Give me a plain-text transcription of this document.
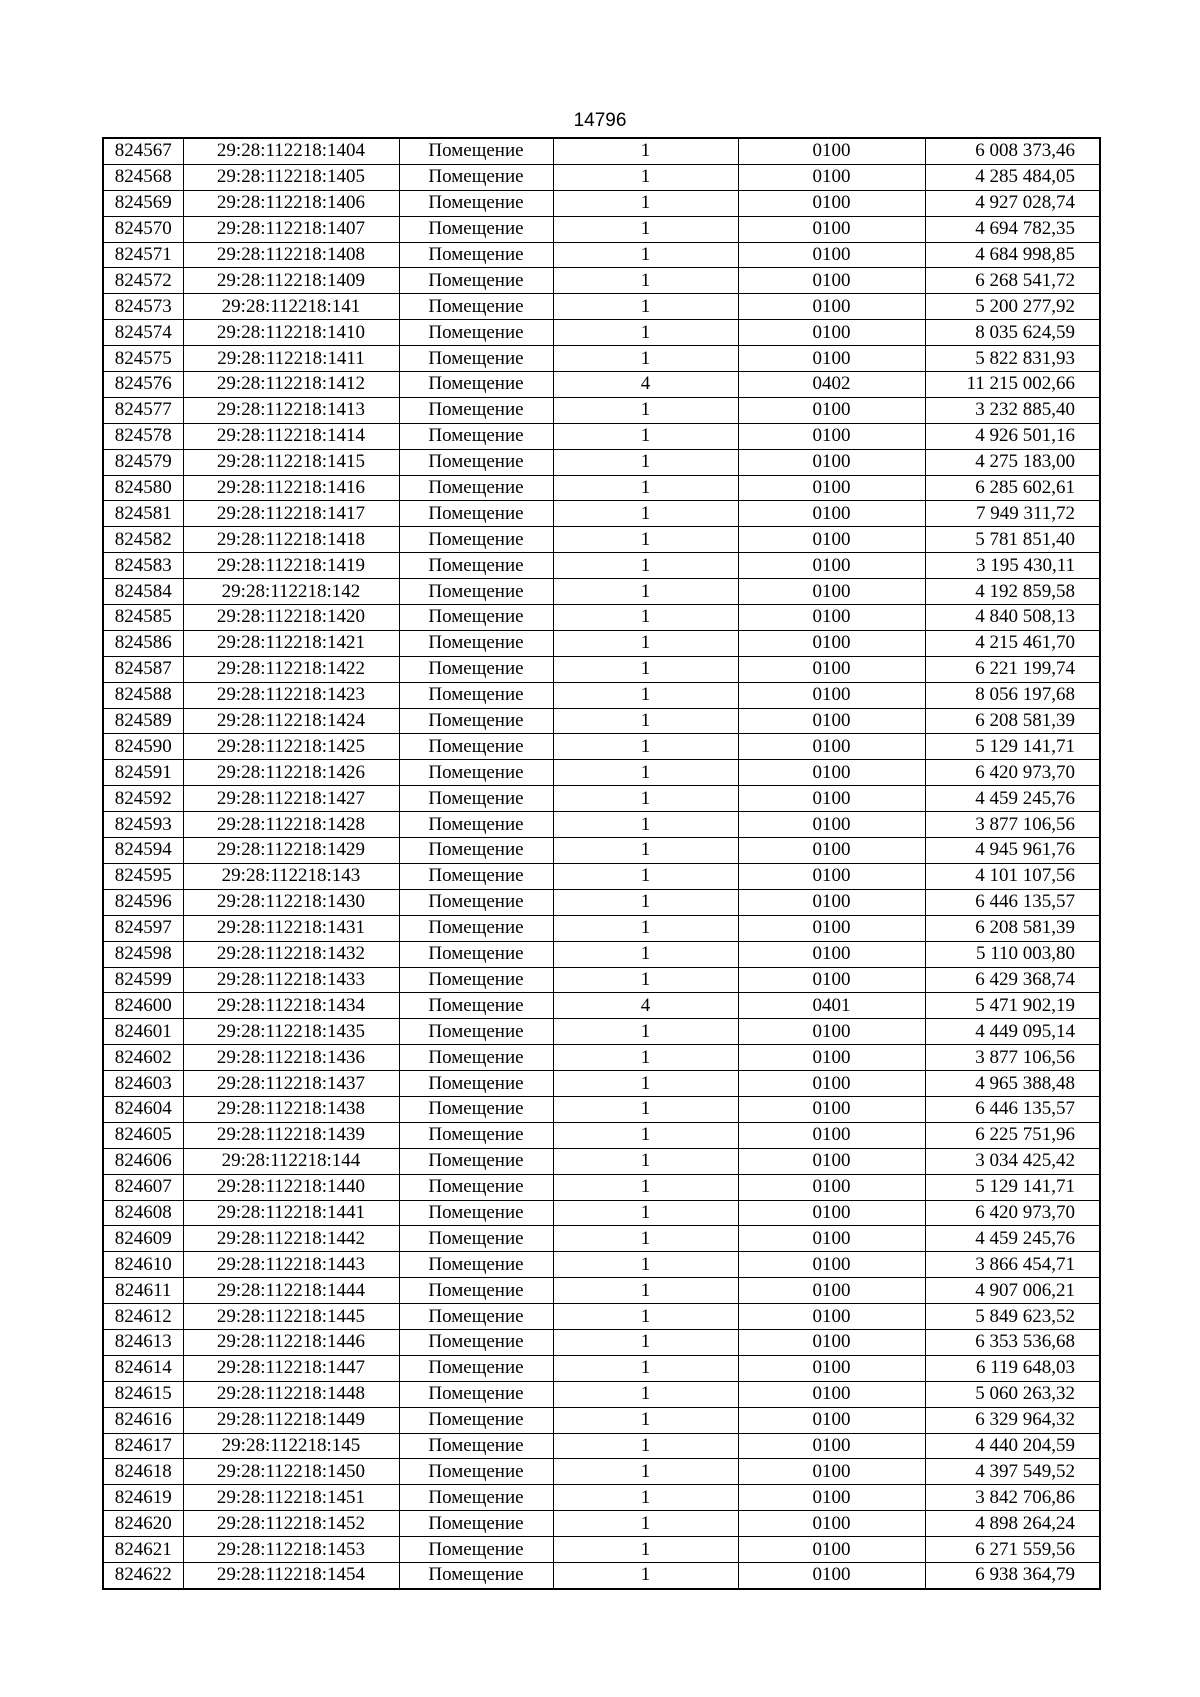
14796
824567	29:28:112218:1404	Помещение	1	0100	6 008 373,46
824568	29:28:112218:1405	Помещение	1	0100	4 285 484,05
824569	29:28:112218:1406	Помещение	1	0100	4 927 028,74
824570	29:28:112218:1407	Помещение	1	0100	4 694 782,35
824571	29:28:112218:1408	Помещение	1	0100	4 684 998,85
824572	29:28:112218:1409	Помещение	1	0100	6 268 541,72
824573	29:28:112218:141	Помещение	1	0100	5 200 277,92
824574	29:28:112218:1410	Помещение	1	0100	8 035 624,59
824575	29:28:112218:1411	Помещение	1	0100	5 822 831,93
824576	29:28:112218:1412	Помещение	4	0402	11 215 002,66
824577	29:28:112218:1413	Помещение	1	0100	3 232 885,40
824578	29:28:112218:1414	Помещение	1	0100	4 926 501,16
824579	29:28:112218:1415	Помещение	1	0100	4 275 183,00
824580	29:28:112218:1416	Помещение	1	0100	6 285 602,61
824581	29:28:112218:1417	Помещение	1	0100	7 949 311,72
824582	29:28:112218:1418	Помещение	1	0100	5 781 851,40
824583	29:28:112218:1419	Помещение	1	0100	3 195 430,11
824584	29:28:112218:142	Помещение	1	0100	4 192 859,58
824585	29:28:112218:1420	Помещение	1	0100	4 840 508,13
824586	29:28:112218:1421	Помещение	1	0100	4 215 461,70
824587	29:28:112218:1422	Помещение	1	0100	6 221 199,74
824588	29:28:112218:1423	Помещение	1	0100	8 056 197,68
824589	29:28:112218:1424	Помещение	1	0100	6 208 581,39
824590	29:28:112218:1425	Помещение	1	0100	5 129 141,71
824591	29:28:112218:1426	Помещение	1	0100	6 420 973,70
824592	29:28:112218:1427	Помещение	1	0100	4 459 245,76
824593	29:28:112218:1428	Помещение	1	0100	3 877 106,56
824594	29:28:112218:1429	Помещение	1	0100	4 945 961,76
824595	29:28:112218:143	Помещение	1	0100	4 101 107,56
824596	29:28:112218:1430	Помещение	1	0100	6 446 135,57
824597	29:28:112218:1431	Помещение	1	0100	6 208 581,39
824598	29:28:112218:1432	Помещение	1	0100	5 110 003,80
824599	29:28:112218:1433	Помещение	1	0100	6 429 368,74
824600	29:28:112218:1434	Помещение	4	0401	5 471 902,19
824601	29:28:112218:1435	Помещение	1	0100	4 449 095,14
824602	29:28:112218:1436	Помещение	1	0100	3 877 106,56
824603	29:28:112218:1437	Помещение	1	0100	4 965 388,48
824604	29:28:112218:1438	Помещение	1	0100	6 446 135,57
824605	29:28:112218:1439	Помещение	1	0100	6 225 751,96
824606	29:28:112218:144	Помещение	1	0100	3 034 425,42
824607	29:28:112218:1440	Помещение	1	0100	5 129 141,71
824608	29:28:112218:1441	Помещение	1	0100	6 420 973,70
824609	29:28:112218:1442	Помещение	1	0100	4 459 245,76
824610	29:28:112218:1443	Помещение	1	0100	3 866 454,71
824611	29:28:112218:1444	Помещение	1	0100	4 907 006,21
824612	29:28:112218:1445	Помещение	1	0100	5 849 623,52
824613	29:28:112218:1446	Помещение	1	0100	6 353 536,68
824614	29:28:112218:1447	Помещение	1	0100	6 119 648,03
824615	29:28:112218:1448	Помещение	1	0100	5 060 263,32
824616	29:28:112218:1449	Помещение	1	0100	6 329 964,32
824617	29:28:112218:145	Помещение	1	0100	4 440 204,59
824618	29:28:112218:1450	Помещение	1	0100	4 397 549,52
824619	29:28:112218:1451	Помещение	1	0100	3 842 706,86
824620	29:28:112218:1452	Помещение	1	0100	4 898 264,24
824621	29:28:112218:1453	Помещение	1	0100	6 271 559,56
824622	29:28:112218:1454	Помещение	1	0100	6 938 364,79
